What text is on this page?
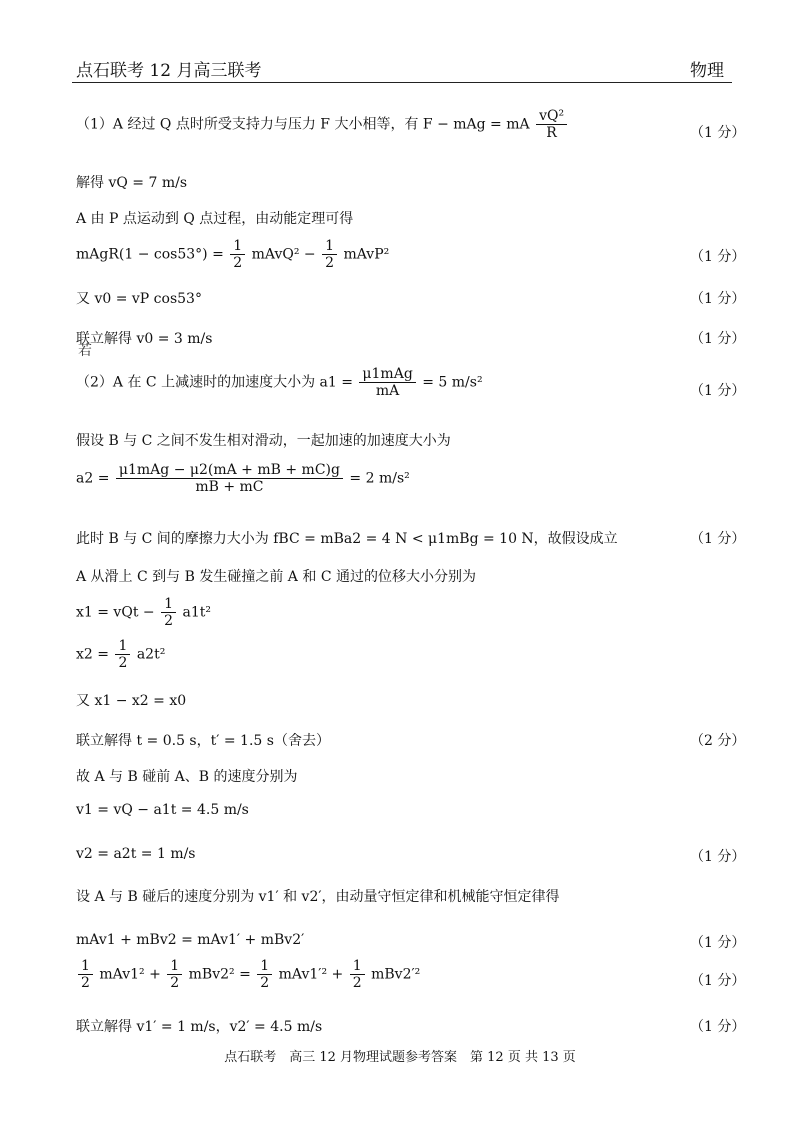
点石联考 12 月高三联考	物理
（1）A 经过 Q 点时所受支持力与压力 F 大小相等，有 F − mAg = mA $\frac{\text{vQ²}}{R}$	（1 分）
解得 vQ = 7 m/s
A 由 P 点运动到 Q 点过程，由动能定理可得
mAgR(1 − $\cos 53^\circ) = \frac{1}{2}$ mAvQ² − $\frac{1}{2}$ mAvP²	（1 分）
又 v0 = vP cos53°	（1 分）
联立解得 v0 = 3 m/s	（1 分）
若
（2）A 在 C 上减速时的加速度大小为 $a1 = \frac{\text{μ1mAg}}{mA} = 5$ m/s²
（1 分）
假设 B 与 C 之间不发生相对滑动，一起加速的加速度大小为
$a2 = \frac{\text{μ1mAg − μ2(mA + mB + mC)g}}{mB + mC} = 2$ m/s²
此时 B 与 C 间的摩擦力大小为 fBC = mBa2 = 4 N < μ1mBg = 10 N，故假设成立	（1 分）
A 从滑上 C 到与 B 发生碰撞之前 A 和 C 通过的位移大小分别为
x1 = vQt − $\frac{1}{2} a1t^2$
$x2 = \frac{1}{2} a2t^2$
又 x1 − x2 = x0
联立解得 t = 0.5 s，t′ = 1.5 s（舍去）	（2 分）
故 A 与 B 碰前 A、B 的速度分别为
v1 = vQ − a1t = 4.5 m/s
v2 = a2t = 1 m/s	（1 分）
设 A 与 B 碰后的速度分别为 v1′ 和 v2′，由动量守恒定律和机械能守恒定律得
mAv1 + mBv2 = mAv1′ + mBv2′	（1 分）
$\frac{1}{2} mAv1^2 + \frac{1}{2} mBv2^2 = \frac{1}{2} mAv1'^2 + \frac{1}{2} mBv2'^2$	（1 分）
联立解得 v1′ = 1 m/s，v2′ = 4.5 m/s	（1 分）
点石联考　高三 12 月物理试题参考答案　第 12 页 共 13 页
